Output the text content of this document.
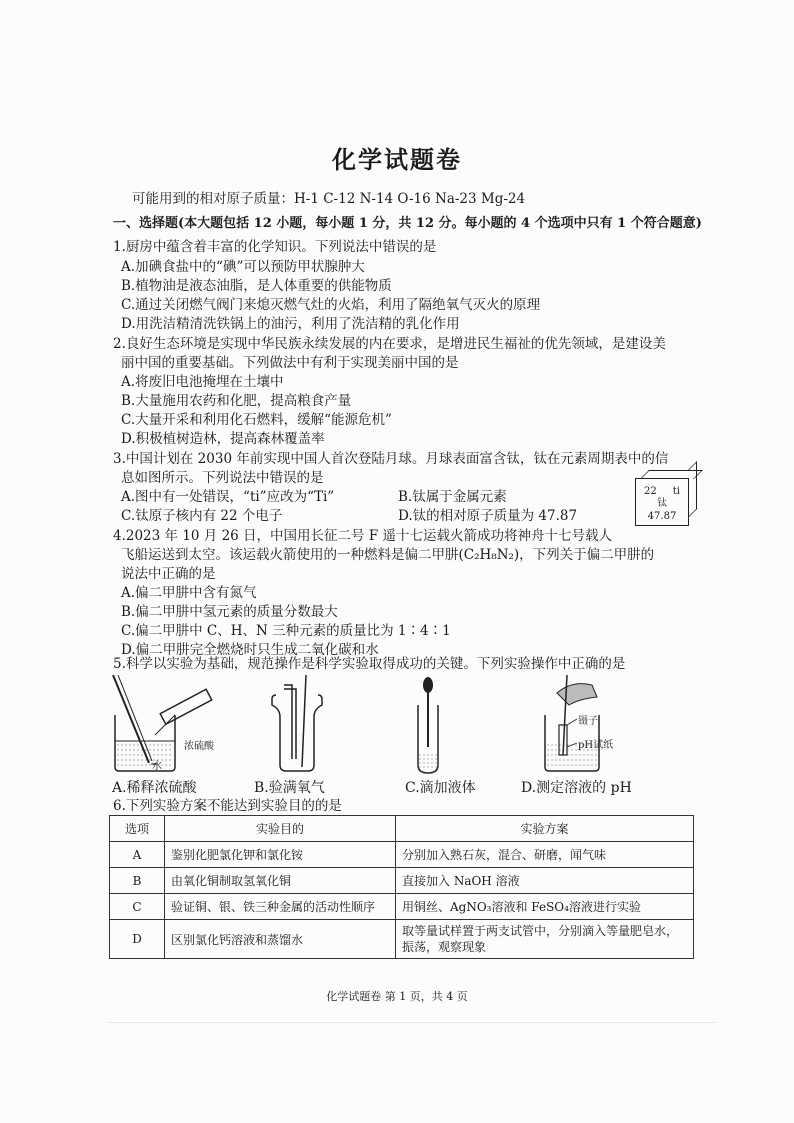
化学试题卷
可能用到的相对原子质量：H-1 C-12 N-14 O-16 Na-23 Mg-24
一、选择题(本大题包括 12 小题，每小题 1 分，共 12 分。每小题的 4 个选项中只有 1 个符合题意)
1.厨房中蕴含着丰富的化学知识。下列说法中错误的是
A.加碘食盐中的“碘”可以预防甲状腺肿大
B.植物油是液态油脂，是人体重要的供能物质
C.通过关闭燃气阀门来熄灭燃气灶的火焰，利用了隔绝氧气灭火的原理
D.用洗洁精清洗铁锅上的油污，利用了洗洁精的乳化作用
2.良好生态环境是实现中华民族永续发展的内在要求，是增进民生福祉的优先领域，是建设美
丽中国的重要基础。下列做法中有利于实现美丽中国的是
A.将废旧电池掩埋在土壤中
B.大量施用农药和化肥，提高粮食产量
C.大量开采和利用化石燃料，缓解“能源危机”
D.积极植树造林，提高森林覆盖率
3.中国计划在 2030 年前实现中国人首次登陆月球。月球表面富含钛，钛在元素周期表中的信
息如图所示。下列说法中错误的是
A.图中有一处错误，“ti”应改为“Ti”	B.钛属于金属元素
C.钛原子核内有 22 个电子	D.钛的相对原子质量为 47.87
22 ti
钛
47.87
4.2023 年 10 月 26 日，中国用长征二号 F 遥十七运载火箭成功将神舟十七号载人
飞船运送到太空。该运载火箭使用的一种燃料是偏二甲肼(C₂H₈N₂)，下列关于偏二甲肼的
说法中正确的是
A.偏二甲肼中含有氮气
B.偏二甲肼中氢元素的质量分数最大
C.偏二甲肼中 C、H、N 三种元素的质量比为 1∶4∶1
D.偏二甲肼完全燃烧时只生成二氧化碳和水
5.科学以实验为基础，规范操作是科学实验取得成功的关键。下列实验操作中正确的是
浓硫酸
水
镊子
pH试纸
A.稀释浓硫酸	B.验满氧气	C.滴加液体	D.测定溶液的 pH
6.下列实验方案不能达到实验目的的是
选项	实验目的	实验方案
A	鉴别化肥氯化钾和氯化铵	分别加入熟石灰，混合、研磨，闻气味
B	由氧化铜制取氢氧化铜	直接加入 NaOH 溶液
C	验证铜、银、铁三种金属的活动性顺序	用铜丝、AgNO₃溶液和 FeSO₄溶液进行实验
D	区别氯化钙溶液和蒸馏水	取等量试样置于两支试管中，分别滴入等量肥皂水，振荡，观察现象
化学试题卷 第 1 页，共 4 页
